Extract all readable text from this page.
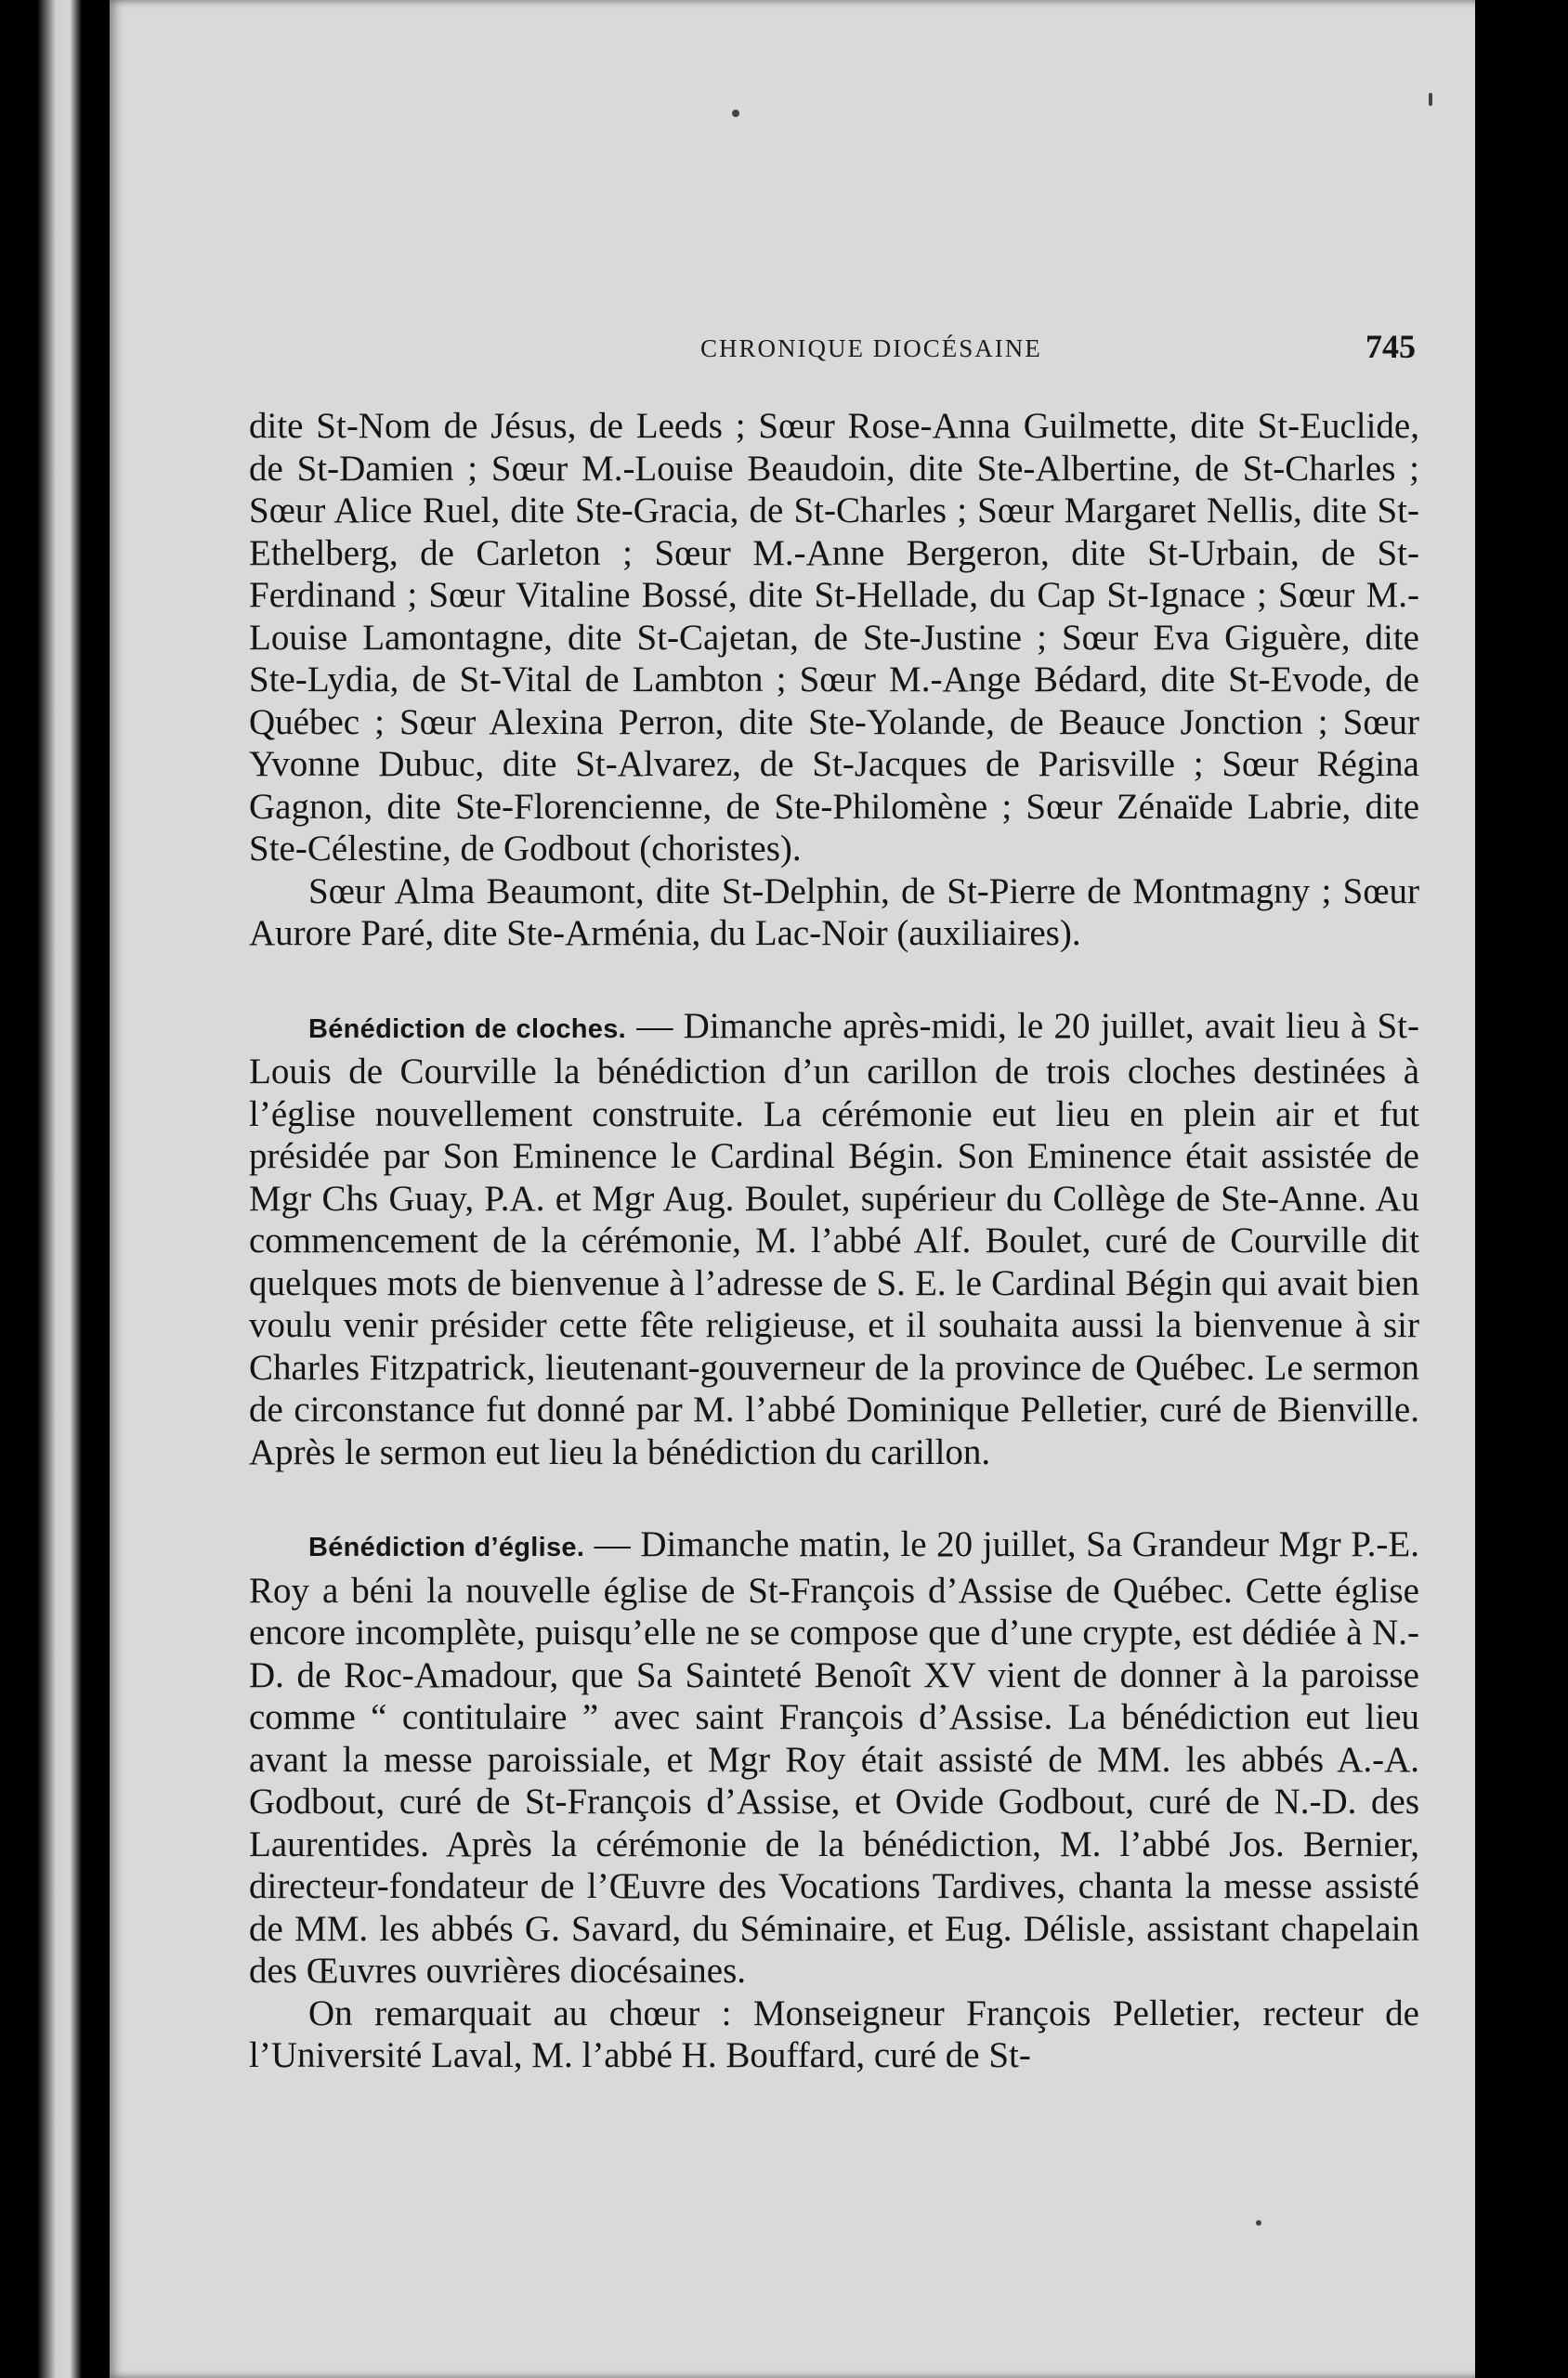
CHRONIQUE DIOCÉSAINE	745

dite St-Nom de Jésus, de Leeds ; Sœur Rose-Anna Guilmette, dite St-Euclide, de St-Damien ; Sœur M.-Louise Beaudoin, dite Ste-Albertine, de St-Charles ; Sœur Alice Ruel, dite Ste-Gracia, de St-Charles ; Sœur Margaret Nellis, dite St-Ethelberg, de Carleton ; Sœur M.-Anne Bergeron, dite St-Urbain, de St-Ferdinand ; Sœur Vitaline Bossé, dite St-Hellade, du Cap St-Ignace ; Sœur M.-Louise Lamontagne, dite St-Cajetan, de Ste-Justine ; Sœur Eva Giguère, dite Ste-Lydia, de St-Vital de Lambton ; Sœur M.-Ange Bédard, dite St-Evode, de Québec ; Sœur Alexina Perron, dite Ste-Yolande, de Beauce Jonction ; Sœur Yvonne Dubuc, dite St-Alvarez, de St-Jacques de Parisville ; Sœur Régina Gagnon, dite Ste-Florencienne, de Ste-Philomène ; Sœur Zénaïde Labrie, dite Ste-Célestine, de Godbout (choristes).

Sœur Alma Beaumont, dite St-Delphin, de St-Pierre de Montmagny ; Sœur Aurore Paré, dite Ste-Arménia, du Lac-Noir (auxiliaires).

Bénédiction de cloches. — Dimanche après-midi, le 20 juillet, avait lieu à St-Louis de Courville la bénédiction d’un carillon de trois cloches destinées à l’église nouvellement construite. La cérémonie eut lieu en plein air et fut présidée par Son Eminence le Cardinal Bégin. Son Eminence était assistée de Mgr Chs Guay, P.A. et Mgr Aug. Boulet, supérieur du Collège de Ste-Anne. Au commencement de la cérémonie, M. l’abbé Alf. Boulet, curé de Courville dit quelques mots de bienvenue à l’adresse de S. E. le Cardinal Bégin qui avait bien voulu venir présider cette fête religieuse, et il souhaita aussi la bienvenue à sir Charles Fitzpatrick, lieutenant-gouverneur de la province de Québec. Le sermon de circonstance fut donné par M. l’abbé Dominique Pelletier, curé de Bienville. Après le sermon eut lieu la bénédiction du carillon.

Bénédiction d’église. — Dimanche matin, le 20 juillet, Sa Grandeur Mgr P.-E. Roy a béni la nouvelle église de St-François d’Assise de Québec. Cette église encore incomplète, puisqu’elle ne se compose que d’une crypte, est dédiée à N.-D. de Roc-Amadour, que Sa Sainteté Benoît XV vient de donner à la paroisse comme “ contitulaire ” avec saint François d’Assise. La bénédiction eut lieu avant la messe paroissiale, et Mgr Roy était assisté de MM. les abbés A.-A. Godbout, curé de St-François d’Assise, et Ovide Godbout, curé de N.-D. des Laurentides. Après la cérémonie de la bénédiction, M. l’abbé Jos. Bernier, directeur-fondateur de l’Œuvre des Vocations Tardives, chanta la messe assisté de MM. les abbés G. Savard, du Séminaire, et Eug. Délisle, assistant chapelain des Œuvres ouvrières diocésaines.

On remarquait au chœur : Monseigneur François Pelletier, recteur de l’Université Laval, M. l’abbé H. Bouffard, curé de St-
